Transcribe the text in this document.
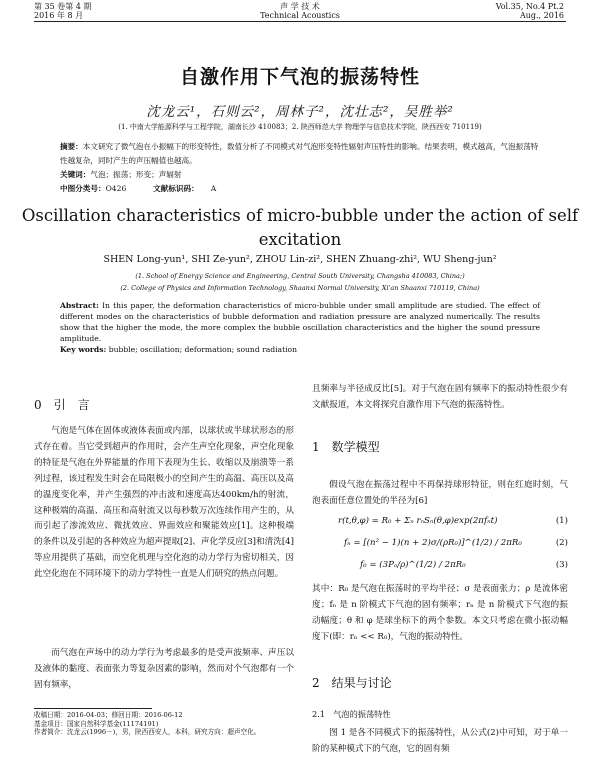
第 35 卷第 4 期
2016 年 8 月
声 学 技 术
Technical Acoustics
Vol.35, No.4 Pt.2
Aug., 2016
自激作用下气泡的振荡特性
沈龙云¹，石则云²，周林子²，沈壮志²，吴胜举²
(1. 中南大学能源科学与工程学院，湖南长沙 410083；2. 陕西师范大学 物理学与信息技术学院，陕西西安 710119)
摘要：本文研究了微气泡在小振幅下的形变特性，数值分析了不同模式对气泡形变特性辐射声压特性的影响。结果表明，模式越高，气泡振荡特性越复杂，同时产生的声压幅值也越高。
关键词：气泡；振荡；形变；声辐射
中图分类号：O426	文献标识码： A
Oscillation characteristics of micro-bubble under the action of self excitation
SHEN Long-yun¹, SHI Ze-yun², ZHOU Lin-zi², SHEN Zhuang-zhi², WU Sheng-jun²
(1. School of Energy Science and Engineering, Central South University, Changsha 410083, China;)
(2. College of Physics and Information Technology, Shaanxi Normal University, Xi'an Shaanxi 710119, China)
Abstract: In this paper, the deformation characteristics of micro-bubble under small amplitude are studied. The effect of different modes on the characteristics of bubble deformation and radiation pressure are analyzed numerically. The results show that the higher the mode, the more complex the bubble oscillation characteristics and the higher the sound pressure amplitude.
Key words: bubble; oscillation; deformation; sound radiation
0　引　言
气泡是气体在固体或液体表面或内部，以球状或半球状形态的形式存在着。当它受到超声的作用时，会产生声空化现象，声空化现象的特征是气泡在外界能量的作用下表现为生长、收缩以及崩溃等一系列过程，该过程发生时会在局限极小的空间产生的高温、高压以及高的温度变化率，并产生强烈的冲击波和速度高达400km/h的射流，这种极端的高温、高压和高射流又以每秒数万次连续作用产生的，从而引起了渗流效应、微扰效应、界面效应和聚能效应[1]。这种极端的条件以及引起的各种效应为超声提取[2]、声化学反应[3]和清洗[4]等应用提供了基础，而空化机理与空化泡的动力学行为密切相关，因此空化泡在不同环境下的动力学特性一直是人们研究的热点问题。
而气泡在声场中的动力学行为考虑最多的是受声波频率、声压以及液体的黏度、表面张力等复杂因素的影响，然而对个气泡都有一个固有频率，
收稿日期：2016-04-03；修回日期：2016-06-12
基金项目：国家自然科学基金(11174191)
作者简介：沈龙云(1996－)，男，陕西西安人，本科，研究方向：超声空化。
且频率与半径成反比[5]。对于气泡在固有频率下的振动特性很少有文献报道，本文将探究自激作用下气泡的振荡特性。
1　数学模型
假设气泡在振荡过程中不再保持球形特征，则在红庭时刻，气泡表面任意位置处的半径为[6]
r(t,θ,φ) = R₀ + Σₙ rₙSₙ(θ,φ)exp(2πfₙt)	(1)
fₙ = [(n² − 1)(n + 2)σ/(ρR₀)]^(1/2) / 2πR₀	(2)
f₀ = (3Pₒ/ρ)^(1/2) / 2πR₀	(3)
其中：R₀ 是气泡在振荡时的平均半径；σ 是表面张力；ρ 是流体密度；fₙ 是 n 阶模式下气泡的固有频率；rₙ 是 n 阶模式下气泡的振动幅度；θ 和 φ 是球坐标下的两个参数。本文只考虑在微小振动幅度下(即：rₙ << R₀)，气泡的振动特性。
2　结果与讨论
2.1　气泡的振荡特性
图 1 是各不同模式下的振荡特性，从公式(2)中可知，对于单一阶的某种模式下的气泡，它的固有频
